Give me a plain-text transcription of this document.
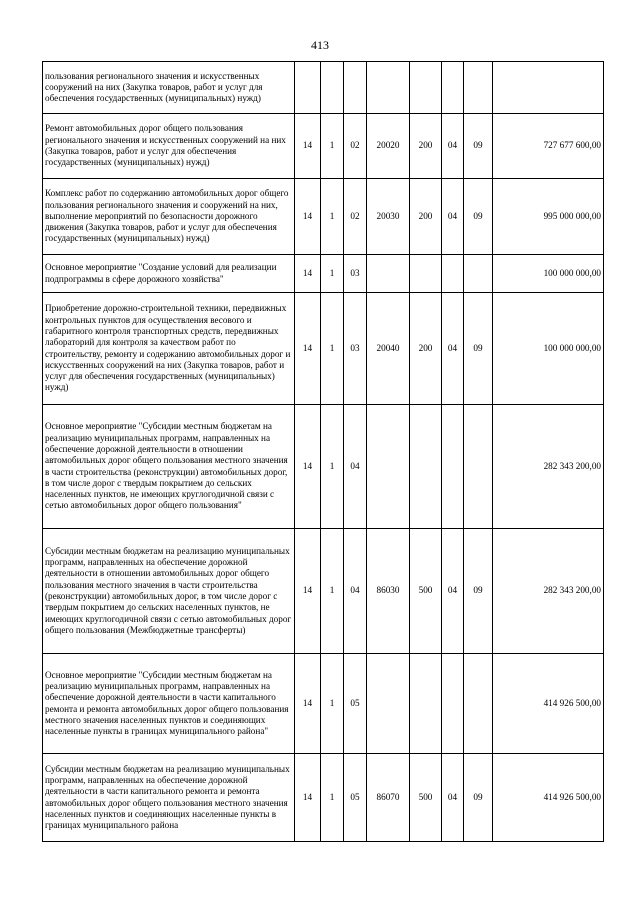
413
пользования регионального значения и искусственных сооружений на них (Закупка товаров, работ и услуг для обеспечения государственных (муниципальных) нужд)								
Ремонт автомобильных дорог общего пользования регионального значения и искусственных сооружений на них (Закупка товаров, работ и услуг для обеспечения государственных (муниципальных) нужд)	14	1	02	20020	200	04	09	727 677 600,00
Комплекс работ по содержанию автомобильных дорог общего пользования регионального значения и сооружений на них, выполнение мероприятий по безопасности дорожного движения (Закупка товаров, работ и услуг для обеспечения государственных (муниципальных) нужд)	14	1	02	20030	200	04	09	995 000 000,00
Основное мероприятие "Создание условий для реализации подпрограммы в сфере дорожного хозяйства"	14	1	03					100 000 000,00
Приобретение дорожно-строительной техники, передвижных контрольных пунктов для осуществления весового и габаритного контроля транспортных средств, передвижных лабораторий для контроля за качеством работ по строительству, ремонту и содержанию автомобильных дорог и искусственных сооружений на них (Закупка товаров, работ и услуг для обеспечения государственных (муниципальных) нужд)	14	1	03	20040	200	04	09	100 000 000,00
Основное мероприятие "Субсидии местным бюджетам на реализацию муниципальных программ, направленных на обеспечение дорожной деятельности в отношении автомобильных дорог общего пользования местного значения в части строительства (реконструкции) автомобильных дорог, в том числе дорог с твердым покрытием до сельских населенных пунктов, не имеющих круглогодичной связи с сетью автомобильных дорог общего пользования"	14	1	04					282 343 200,00
Субсидии местным бюджетам на реализацию муниципальных программ, направленных на обеспечение дорожной деятельности в отношении автомобильных дорог общего пользования местного значения в части строительства (реконструкции) автомобильных дорог, в том числе дорог с твердым покрытием до сельских населенных пунктов, не имеющих круглогодичной связи с сетью автомобильных дорог общего пользования (Межбюджетные трансферты)	14	1	04	86030	500	04	09	282 343 200,00
Основное мероприятие "Субсидии местным бюджетам на реализацию муниципальных программ, направленных на обеспечение дорожной деятельности в части капитального ремонта и ремонта автомобильных дорог общего пользования местного значения населенных пунктов и соединяющих населенные пункты в границах муниципального района"	14	1	05					414 926 500,00
Субсидии местным бюджетам на реализацию муниципальных программ, направленных на обеспечение дорожной деятельности в части капитального ремонта и ремонта автомобильных дорог общего пользования местного значения населенных пунктов и соединяющих населенные пункты в границах муниципального района	14	1	05	86070	500	04	09	414 926 500,00
